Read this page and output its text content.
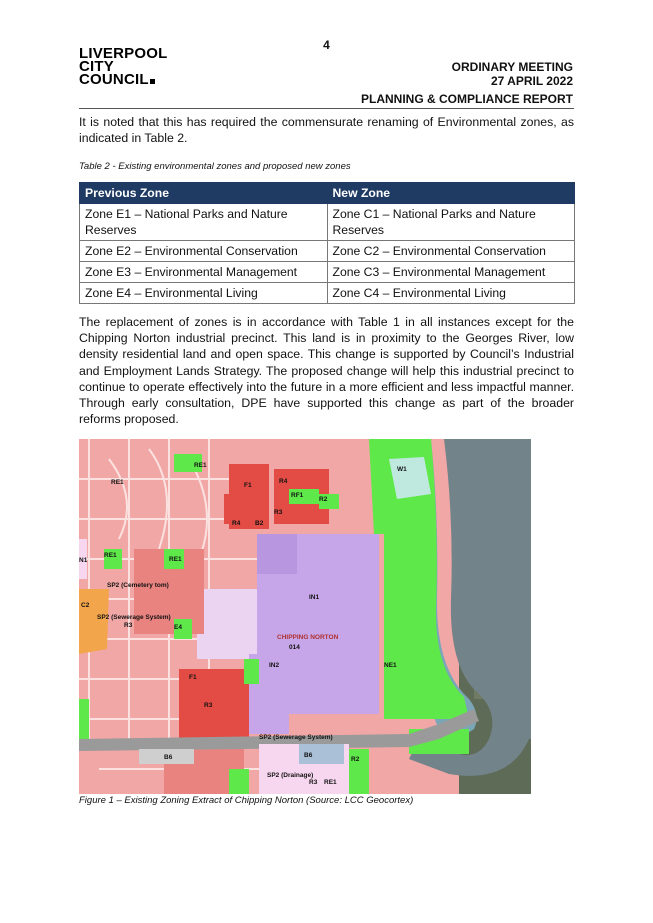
4
LIVERPOOL
CITY
COUNCIL
ORDINARY MEETING
27 APRIL 2022
PLANNING & COMPLIANCE REPORT
It is noted that this has required the commensurate renaming of Environmental zones, as indicated in Table 2.
Table 2 - Existing environmental zones and proposed new zones
Previous Zone	New Zone
Zone E1 – National Parks and Nature Reserves	Zone C1 – National Parks and Nature Reserves
Zone E2 – Environmental Conservation	Zone C2 – Environmental Conservation
Zone E3 – Environmental Management	Zone C3 – Environmental Management
Zone E4 – Environmental Living	Zone C4 – Environmental Living
The replacement of zones is in accordance with Table 1 in all instances except for the Chipping Norton industrial precinct. This land is in proximity to the Georges River, low density residential land and open space. This change is supported by Council’s Industrial and Employment Lands Strategy. The proposed change will help this industrial precinct to continue to operate effectively into the future in a more efficient and less impactful manner. Through early consultation, DPE have supported this change as part of the broader reforms proposed.
RE1
RE1
F1
R4
RF1
R2
R3
R4 B2
W1
RE1
RE1
N1
SP2 (Cemetery tom)
SP2 (Sewerage System)
R3	E4
C2
IN1
CHIPPING NORTON
014
NE1
IN2
F1
R3
SP2 (Sewerage System)
B6	B6
R2
R3
SP2 (Drainage)
RE1
Figure 1 – Existing Zoning Extract of Chipping Norton (Source: LCC Geocortex)
